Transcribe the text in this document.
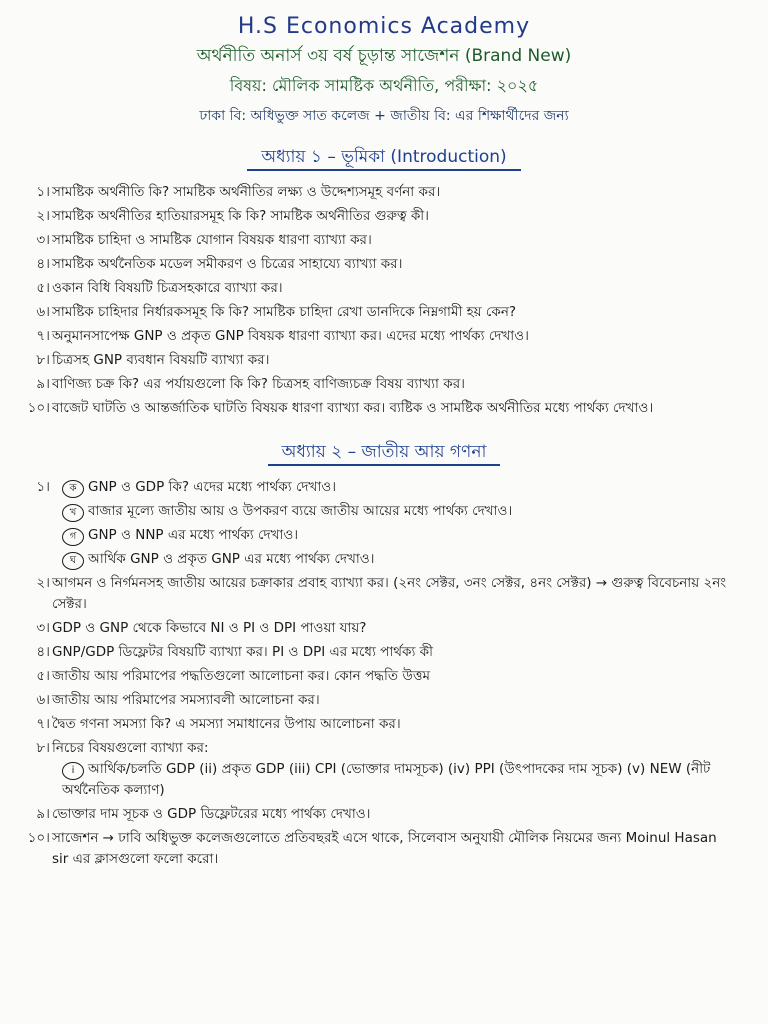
H.S Economics Academy
অর্থনীতি অনার্স ৩য় বর্ষ চূড়ান্ত সাজেশন (Brand New)
বিষয়: মৌলিক সামষ্টিক অর্থনীতি, পরীক্ষা: ২০২৫
ঢাকা বি: অধিভুক্ত সাত কলেজ + জাতীয় বি: এর শিক্ষার্থীদের জন্য
অধ্যায় ১ – ভূমিকা (Introduction)
১। সামষ্টিক অর্থনীতি কি? সামষ্টিক অর্থনীতির লক্ষ্য ও উদ্দেশ্যসমূহ বর্ণনা কর।
২। সামষ্টিক অর্থনীতির হাতিয়ারসমূহ কি কি? সামষ্টিক অর্থনীতির গুরুত্ব কী।
৩। সামষ্টিক চাহিদা ও সামষ্টিক যোগান বিষয়ক ধারণা ব্যাখ্যা কর।
৪। সামষ্টিক অর্থনৈতিক মডেল সমীকরণ ও চিত্রের সাহায্যে ব্যাখ্যা কর।
৫। ওকান বিধি বিষয়টি চিত্রসহকারে ব্যাখ্যা কর।
৬। সামষ্টিক চাহিদার নির্ধারকসমূহ কি কি? সামষ্টিক চাহিদা রেখা ডানদিকে নিম্নগামী হয় কেন?
৭। অনুমানসাপেক্ষ GNP ও প্রকৃত GNP বিষয়ক ধারণা ব্যাখ্যা কর। এদের মধ্যে পার্থক্য দেখাও।
৮। চিত্রসহ GNP ব্যবধান বিষয়টি ব্যাখ্যা কর।
৯। বাণিজ্য চক্র কি? এর পর্যায়গুলো কি কি? চিত্রসহ বাণিজ্যচক্র বিষয় ব্যাখ্যা কর।
১০। বাজেট ঘাটতি ও আন্তর্জাতিক ঘাটতি বিষয়ক ধারণা ব্যাখ্যা কর। ব্যষ্টিক ও সামষ্টিক অর্থনীতির মধ্যে পার্থক্য দেখাও।
অধ্যায় ২ – জাতীয় আয় গণনা
১।	ক GNP ও GDP কি? এদের মধ্যে পার্থক্য দেখাও।
খ বাজার মূল্যে জাতীয় আয় ও উপকরণ ব্যয়ে জাতীয় আয়ের মধ্যে পার্থক্য দেখাও।
গ GNP ও NNP এর মধ্যে পার্থক্য দেখাও।
ঘ আর্থিক GNP ও প্রকৃত GNP এর মধ্যে পার্থক্য দেখাও।
২। আগমন ও নির্গমনসহ জাতীয় আয়ের চক্রাকার প্রবাহ ব্যাখ্যা কর। (২নং সেক্টর, ৩নং সেক্টর, ৪নং সেক্টর) → গুরুত্ব বিবেচনায় ২নং সেক্টর।
৩। GDP ও GNP থেকে কিভাবে NI ও PI ও DPI পাওয়া যায়?
৪। GNP/GDP ডিফ্লেটর বিষয়টি ব্যাখ্যা কর। PI ও DPI এর মধ্যে পার্থক্য কী
৫। জাতীয় আয় পরিমাপের পদ্ধতিগুলো আলোচনা কর। কোন পদ্ধতি উত্তম
৬। জাতীয় আয় পরিমাপের সমস্যাবলী আলোচনা কর।
৭। দ্বৈত গণনা সমস্যা কি? এ সমস্যা সমাধানের উপায় আলোচনা কর।
৮। নিচের বিষয়গুলো ব্যাখ্যা কর:
i আর্থিক/চলতি GDP (ii) প্রকৃত GDP (iii) CPI (ভোক্তার দামসূচক) (iv) PPI (উৎপাদকের দাম সূচক) (v) NEW (নীট অর্থনৈতিক কল্যাণ)
৯। ভোক্তার দাম সূচক ও GDP ডিফ্লেটরের মধ্যে পার্থক্য দেখাও।
১০। সাজেশন → ঢাবি অধিভুক্ত কলেজগুলোতে প্রতিবছরই এসে থাকে, সিলেবাস অনুযায়ী মৌলিক নিয়মের জন্য Moinul Hasan sir এর ক্লাসগুলো ফলো করো।
